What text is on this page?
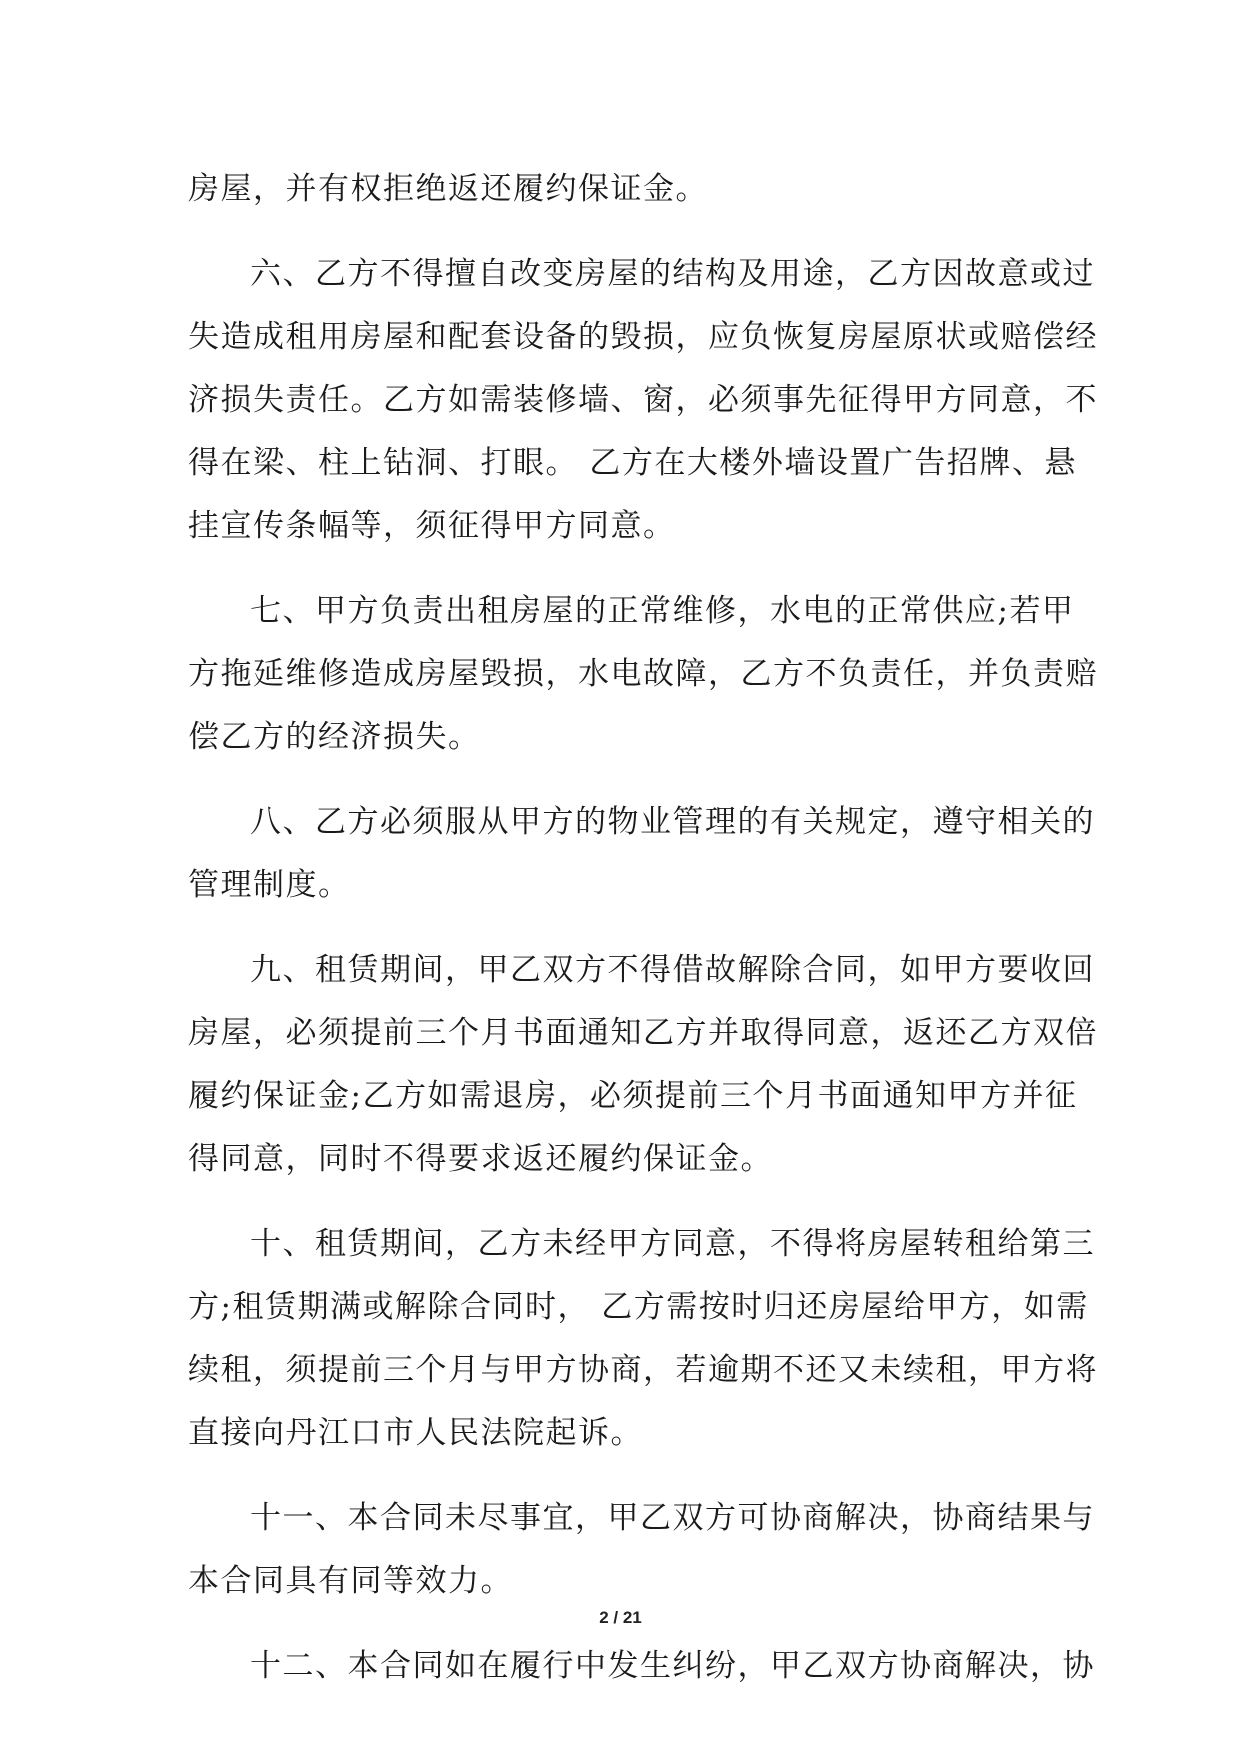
房屋，并有权拒绝返还履约保证金。
六、乙方不得擅自改变房屋的结构及用途，乙方因故意或过
失造成租用房屋和配套设备的毁损，应负恢复房屋原状或赔偿经
济损失责任。乙方如需装修墙、窗，必须事先征得甲方同意，不
得在梁、柱上钻洞、打眼。 乙方在大楼外墙设置广告招牌、悬
挂宣传条幅等，须征得甲方同意。
七、甲方负责出租房屋的正常维修，水电的正常供应;若甲
方拖延维修造成房屋毁损，水电故障，乙方不负责任，并负责赔
偿乙方的经济损失。
八、乙方必须服从甲方的物业管理的有关规定，遵守相关的
管理制度。
九、租赁期间，甲乙双方不得借故解除合同，如甲方要收回
房屋，必须提前三个月书面通知乙方并取得同意，返还乙方双倍
履约保证金;乙方如需退房，必须提前三个月书面通知甲方并征
得同意，同时不得要求返还履约保证金。
十、租赁期间，乙方未经甲方同意，不得将房屋转租给第三
方;租赁期满或解除合同时， 乙方需按时归还房屋给甲方，如需
续租，须提前三个月与甲方协商，若逾期不还又未续租，甲方将
直接向丹江口市人民法院起诉。
十一、本合同未尽事宜，甲乙双方可协商解决，协商结果与
本合同具有同等效力。
十二、本合同如在履行中发生纠纷，甲乙双方协商解决，协
2 / 21
